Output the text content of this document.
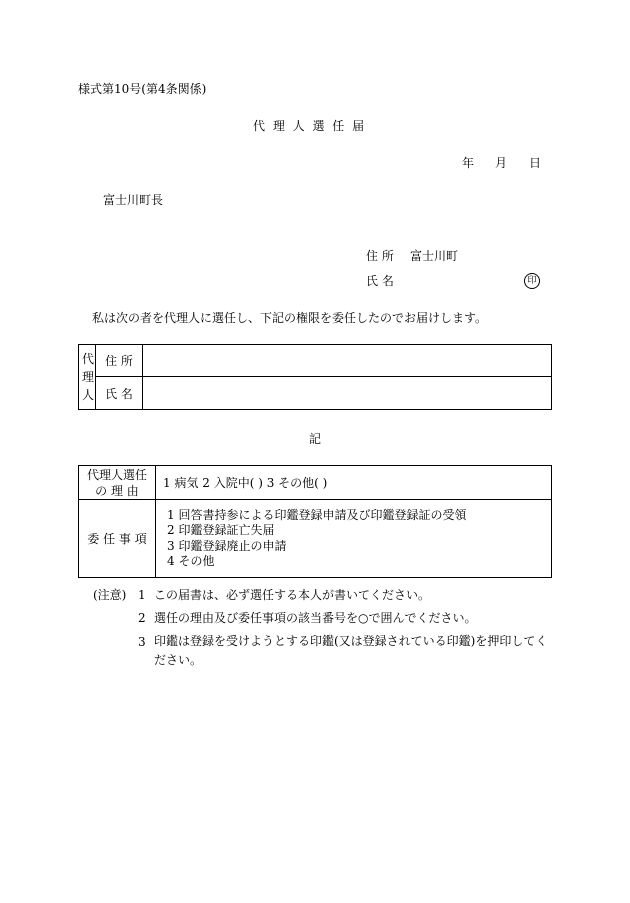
様式第10号(第4条関係)
代 理 人 選 任 届
年 月 日
富士川町長
住 所 富士川町
氏 名	印
私は次の者を代理人に選任し、下記の権限を委任したのでお届けします。
代理人	住 所	
	氏 名	
記
代理人選任
の 理 由	1 病気 2 入院中( ) 3 その他( )
委 任 事 項	1 回答書持参による印鑑登録申請及び印鑑登録証の受領
2 印鑑登録証亡失届
3 印鑑登録廃止の申請
4 その他
(注意) 1 この届書は、必ず選任する本人が書いてください。
2 選任の理由及び委任事項の該当番号を○で囲んでください。
3 印鑑は登録を受けようとする印鑑(又は登録されている印鑑)を押印してください。
